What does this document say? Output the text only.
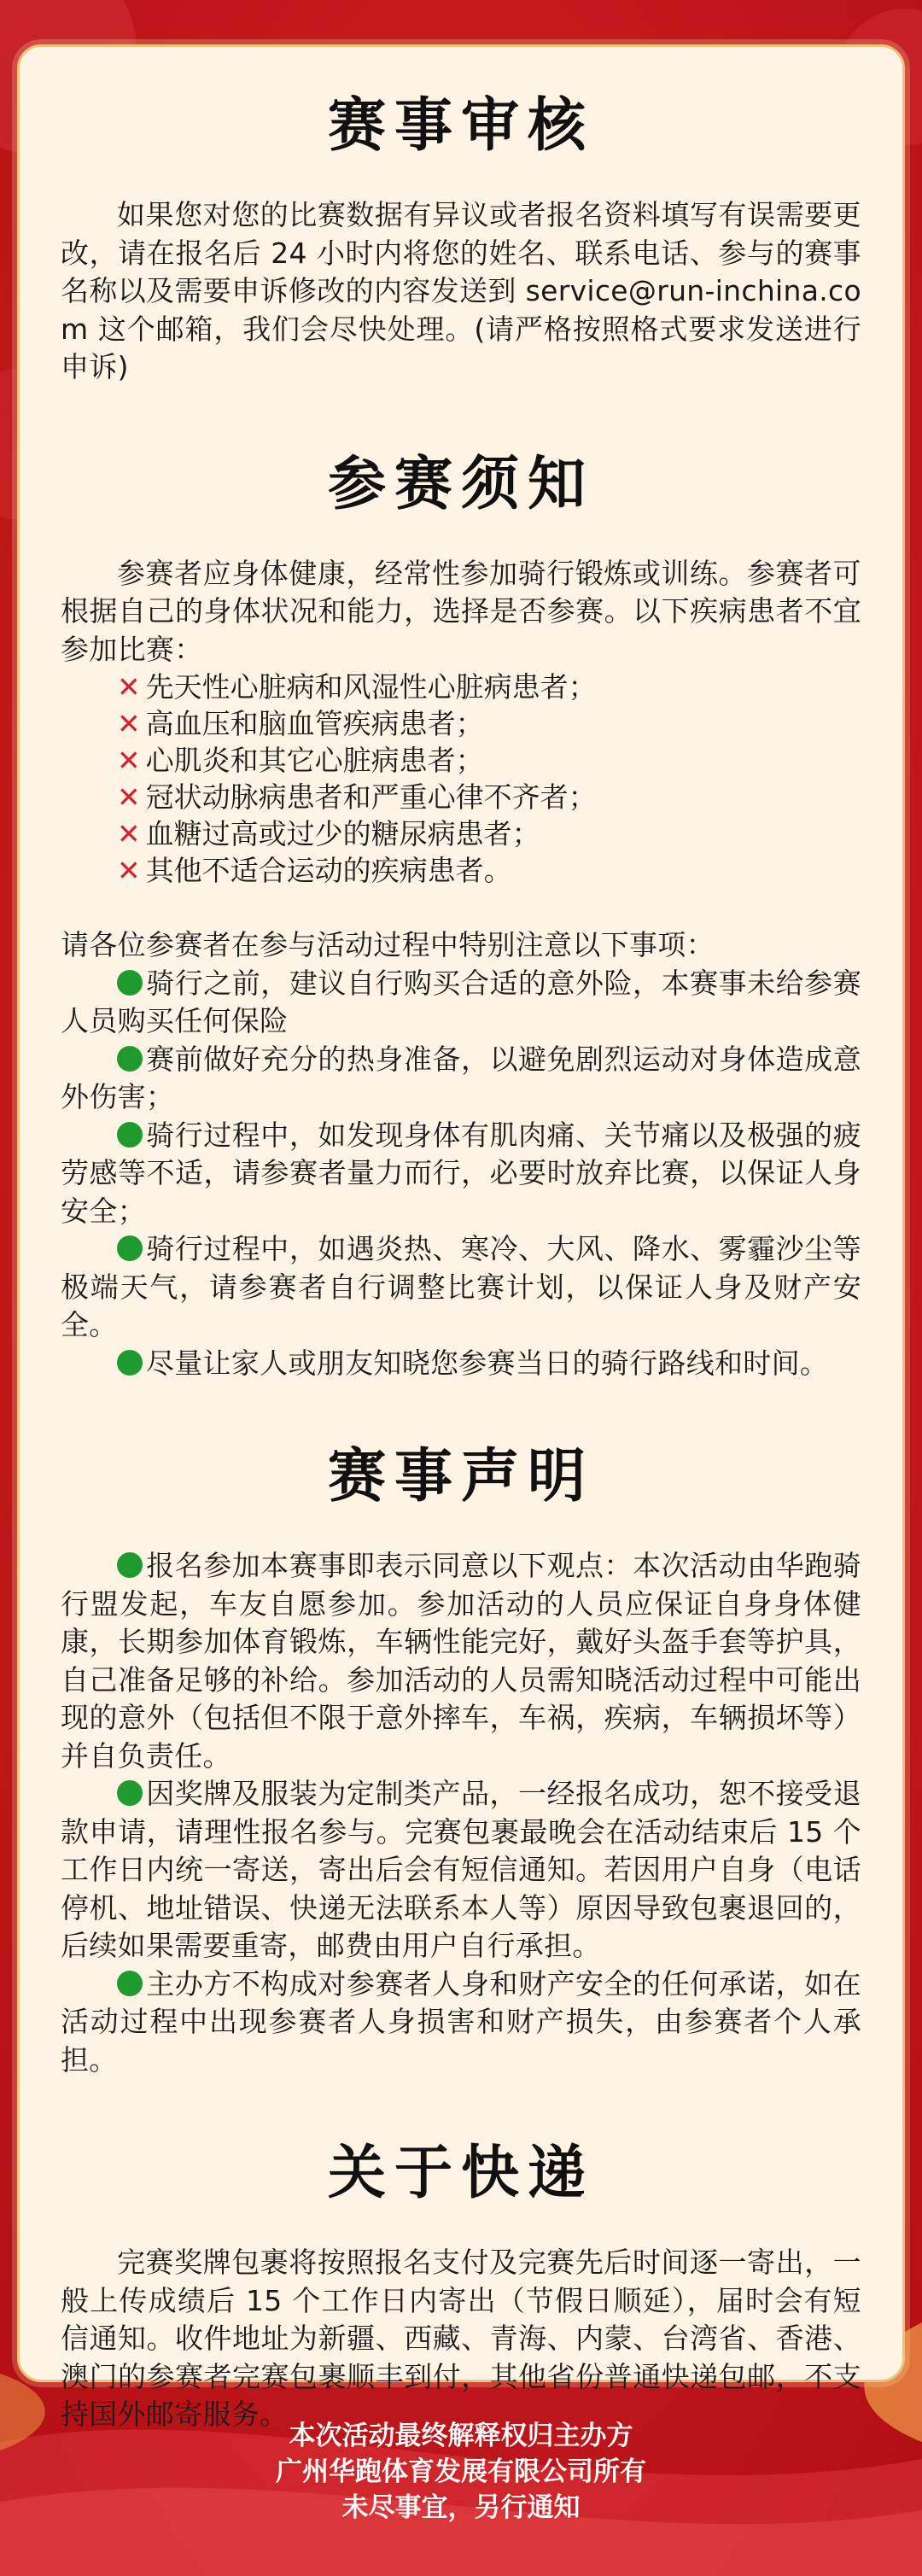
赛事审核

如果您对您的比赛数据有异议或者报名资料填写有误需要更改，请在报名后 24 小时内将您的姓名、联系电话、参与的赛事名称以及需要申诉修改的内容发送到 service@run-inchina.com 这个邮箱，我们会尽快处理。(请严格按照格式要求发送进行申诉)

参赛须知

参赛者应身体健康，经常性参加骑行锻炼或训练。参赛者可根据自己的身体状况和能力，选择是否参赛。以下疾病患者不宜参加比赛：

✕ 先天性心脏病和风湿性心脏病患者；
✕ 高血压和脑血管疾病患者；
✕ 心肌炎和其它心脏病患者；
✕ 冠状动脉病患者和严重心律不齐者；
✕ 血糖过高或过少的糖尿病患者；
✕ 其他不适合运动的疾病患者。

请各位参赛者在参与活动过程中特别注意以下事项：

骑行之前，建议自行购买合适的意外险，本赛事未给参赛人员购买任何保险

赛前做好充分的热身准备，以避免剧烈运动对身体造成意外伤害；

骑行过程中，如发现身体有肌肉痛、关节痛以及极强的疲劳感等不适，请参赛者量力而行，必要时放弃比赛，以保证人身安全；

骑行过程中，如遇炎热、寒冷、大风、降水、雾霾沙尘等极端天气，请参赛者自行调整比赛计划，以保证人身及财产安全。

尽量让家人或朋友知晓您参赛当日的骑行路线和时间。

赛事声明

报名参加本赛事即表示同意以下观点：本次活动由华跑骑行盟发起，车友自愿参加。参加活动的人员应保证自身身体健康，长期参加体育锻炼，车辆性能完好，戴好头盔手套等护具，自己准备足够的补给。参加活动的人员需知晓活动过程中可能出现的意外（包括但不限于意外摔车，车祸，疾病，车辆损坏等）并自负责任。

因奖牌及服装为定制类产品，一经报名成功，恕不接受退款申请，请理性报名参与。完赛包裹最晚会在活动结束后 15 个工作日内统一寄送，寄出后会有短信通知。若因用户自身（电话停机、地址错误、快递无法联系本人等）原因导致包裹退回的，后续如果需要重寄，邮费由用户自行承担。

主办方不构成对参赛者人身和财产安全的任何承诺，如在活动过程中出现参赛者人身损害和财产损失，由参赛者个人承担。

关于快递

完赛奖牌包裹将按照报名支付及完赛先后时间逐一寄出，一般上传成绩后 15 个工作日内寄出（节假日顺延），届时会有短信通知。收件地址为新疆、西藏、青海、内蒙、台湾省、香港、澳门的参赛者完赛包裹顺丰到付，其他省份普通快递包邮，不支持国外邮寄服务。

本次活动最终解释权归主办方
广州华跑体育发展有限公司所有
未尽事宜，另行通知
